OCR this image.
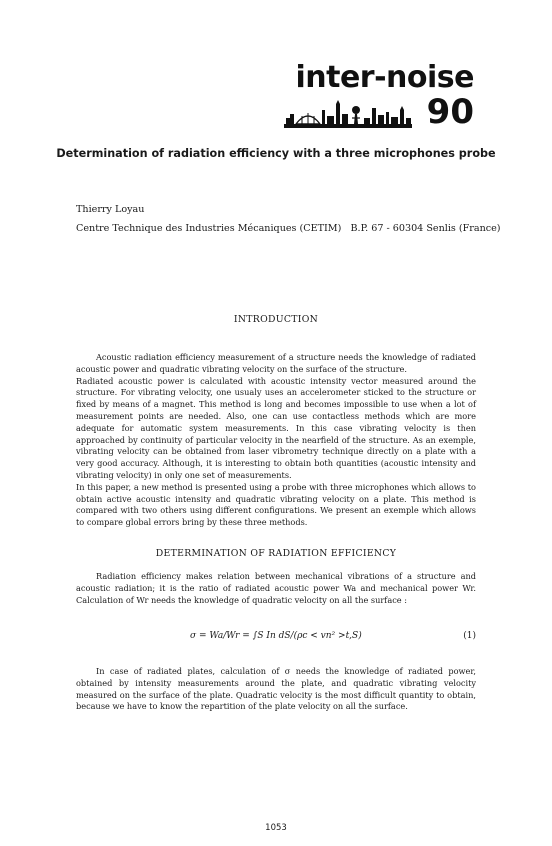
inter-noise
90
Determination of radiation efficiency with a three microphones probe
Thierry Loyau
Centre Technique des Industries Mécaniques (CETIM)   B.P. 67 - 60304 Senlis (France)
INTRODUCTION

Acoustic radiation efficiency measurement of a structure needs the knowledge of radiated acoustic power and quadratic vibrating velocity on the surface of the structure.

Radiated acoustic power is calculated with acoustic intensity vector measured around the structure. For vibrating velocity, one usualy uses an accelerometer sticked to the structure or fixed by means of a magnet. This method is long and becomes impossible to use when a lot of measurement points are needed. Also, one can use contactless methods which are more adequate for automatic system measurements. In this case vibrating velocity is then approached by continuity of particular velocity in the nearfield of the structure. As an exemple, vibrating velocity can be obtained from laser vibrometry technique directly on a plate with a very good accuracy. Although, it is interesting to obtain both quantities (acoustic intensity and vibrating velocity) in only one set of measurements.

In this paper, a new method is presented using a probe with three microphones which allows to obtain active acoustic intensity and quadratic vibrating velocity on a plate. This method is compared with two others using different configurations. We present an exemple which allows to compare global errors bring by these three methods.

DETERMINATION OF RADIATION EFFICIENCY

Radiation efficiency makes relation between mechanical vibrations of a structure and acoustic radiation; it is the ratio of radiated acoustic power Wa and mechanical power Wr. Calculation of Wr needs the knowledge of quadratic velocity on all the surface :

σ = Wa/Wr = ∫S In dS/(ρc < vn² >t,S)	(1)

In case of radiated plates, calculation of σ needs the knowledge of radiated power, obtained by intensity measurements around the plate, and quadratic vibrating velocity measured on the surface of the plate. Quadratic velocity is the most difficult quantity to obtain, because we have to know the repartition of the plate velocity on all the surface.

1053
